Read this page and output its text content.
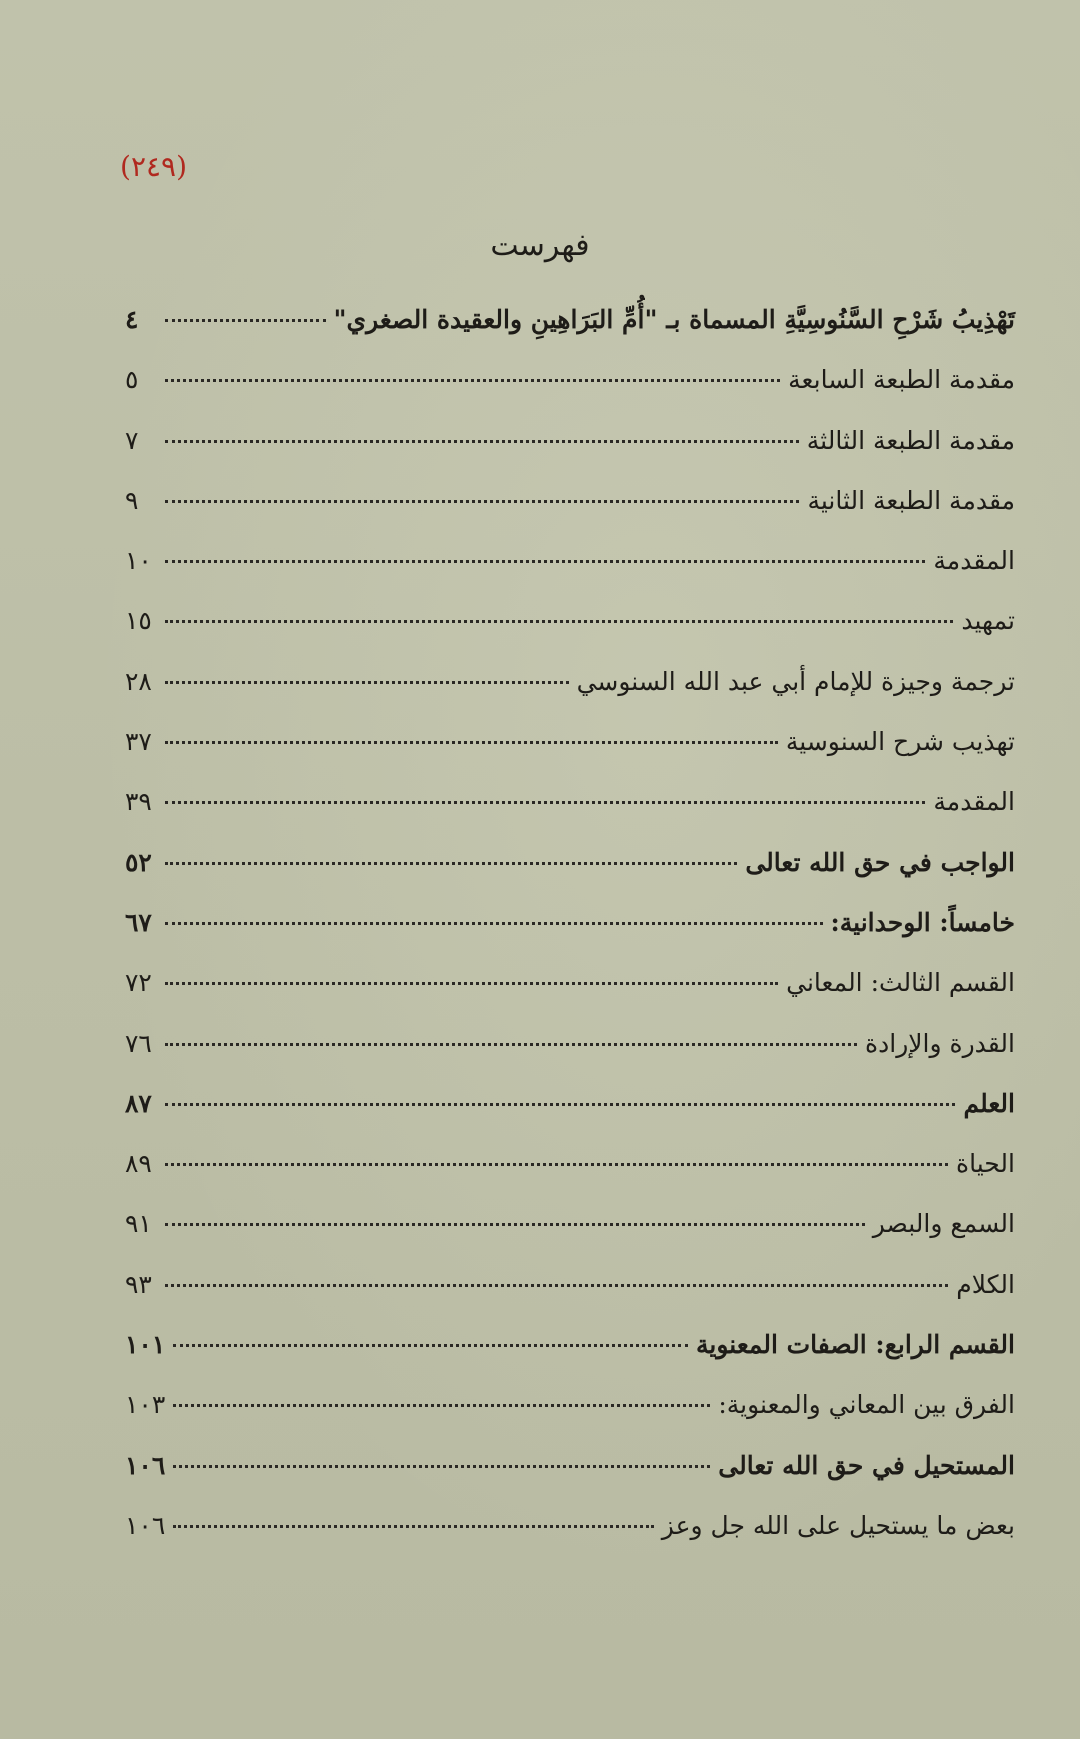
(٢٤٩)
فهرست
تَهْذِيبُ شَرْحِ السَّنُوسِيَّةِ المسماة بـ "أُمِّ البَرَاهِينِ والعقيدة الصغري"
٤
مقدمة الطبعة السابعة
٥
مقدمة الطبعة الثالثة
٧
مقدمة الطبعة الثانية
٩
المقدمة
١٠
تمهيد
١٥
ترجمة وجيزة للإمام أبي عبد الله السنوسي
٢٨
تهذيب شرح السنوسية
٣٧
المقدمة
٣٩
الواجب في حق الله تعالى
٥٢
خامساً: الوحدانية:
٦٧
القسم الثالث: المعاني
٧٢
القدرة والإرادة
٧٦
العلم
٨٧
الحياة
٨٩
السمع والبصر
٩١
الكلام
٩٣
القسم الرابع: الصفات المعنوية
١٠١
الفرق بين المعاني والمعنوية:
١٠٣
المستحيل في حق الله تعالى
١٠٦
بعض ما يستحيل على الله جل وعز
١٠٦
